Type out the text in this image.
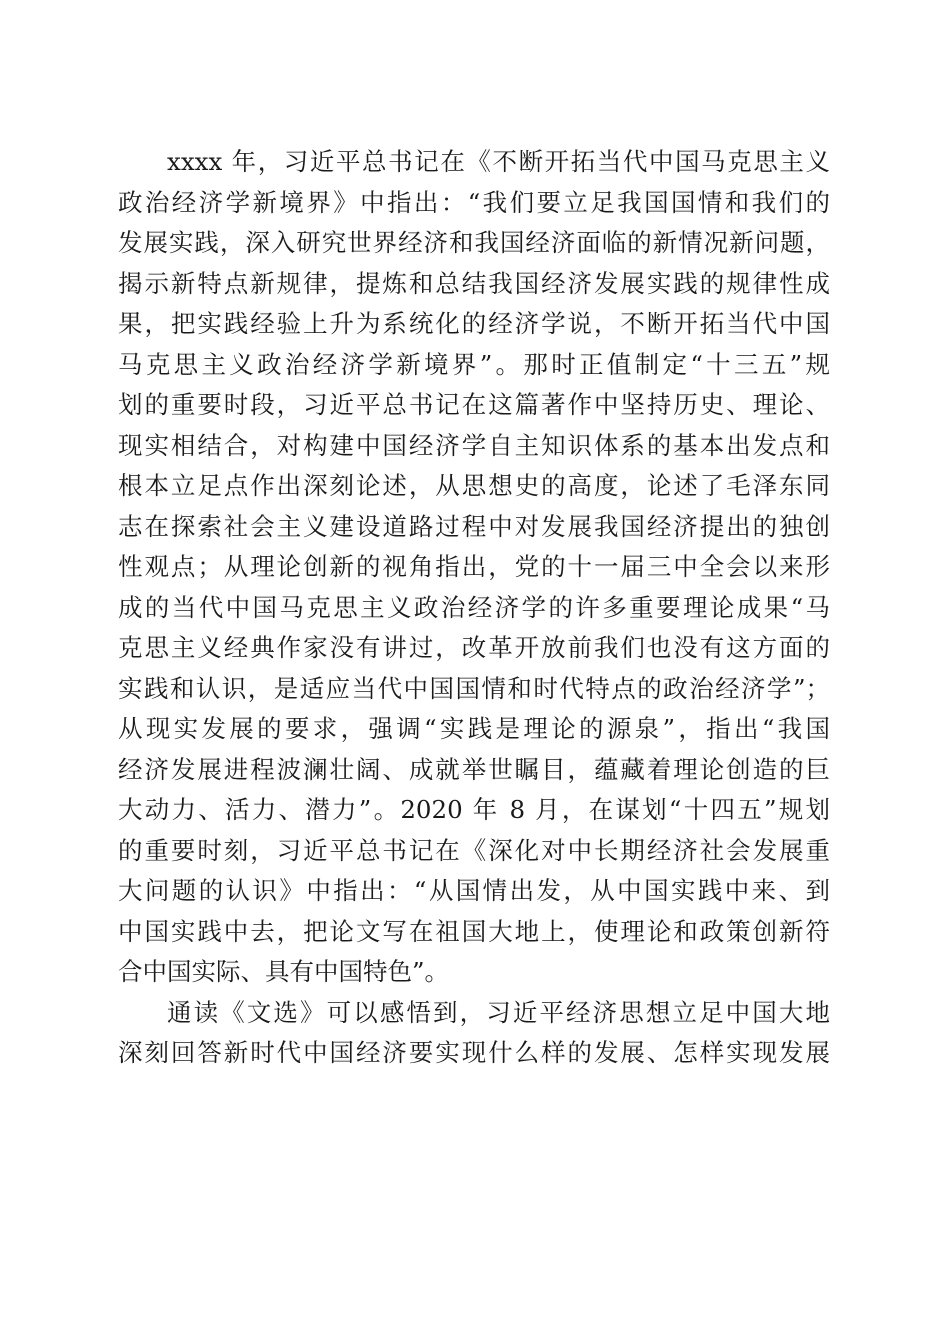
xxxx 年，习近平总书记在《不断开拓当代中国马克思主义
政治经济学新境界》中指出：“我们要立足我国国情和我们的
发展实践，深入研究世界经济和我国经济面临的新情况新问题，
揭示新特点新规律，提炼和总结我国经济发展实践的规律性成
果，把实践经验上升为系统化的经济学说，不断开拓当代中国
马克思主义政治经济学新境界”。那时正值制定“十三五”规
划的重要时段，习近平总书记在这篇著作中坚持历史、理论、
现实相结合，对构建中国经济学自主知识体系的基本出发点和
根本立足点作出深刻论述，从思想史的高度，论述了毛泽东同
志在探索社会主义建设道路过程中对发展我国经济提出的独创
性观点；从理论创新的视角指出，党的十一届三中全会以来形
成的当代中国马克思主义政治经济学的许多重要理论成果“马
克思主义经典作家没有讲过，改革开放前我们也没有这方面的
实践和认识，是适应当代中国国情和时代特点的政治经济学”；
从现实发展的要求，强调“实践是理论的源泉”，指出“我国
经济发展进程波澜壮阔、成就举世瞩目，蕴藏着理论创造的巨
大动力、活力、潜力”。2020 年 8 月，在谋划“十四五”规划
的重要时刻，习近平总书记在《深化对中长期经济社会发展重
大问题的认识》中指出：“从国情出发，从中国实践中来、到
中国实践中去，把论文写在祖国大地上，使理论和政策创新符
合中国实际、具有中国特色”。
通读《文选》可以感悟到，习近平经济思想立足中国大地
深刻回答新时代中国经济要实现什么样的发展、怎样实现发展
